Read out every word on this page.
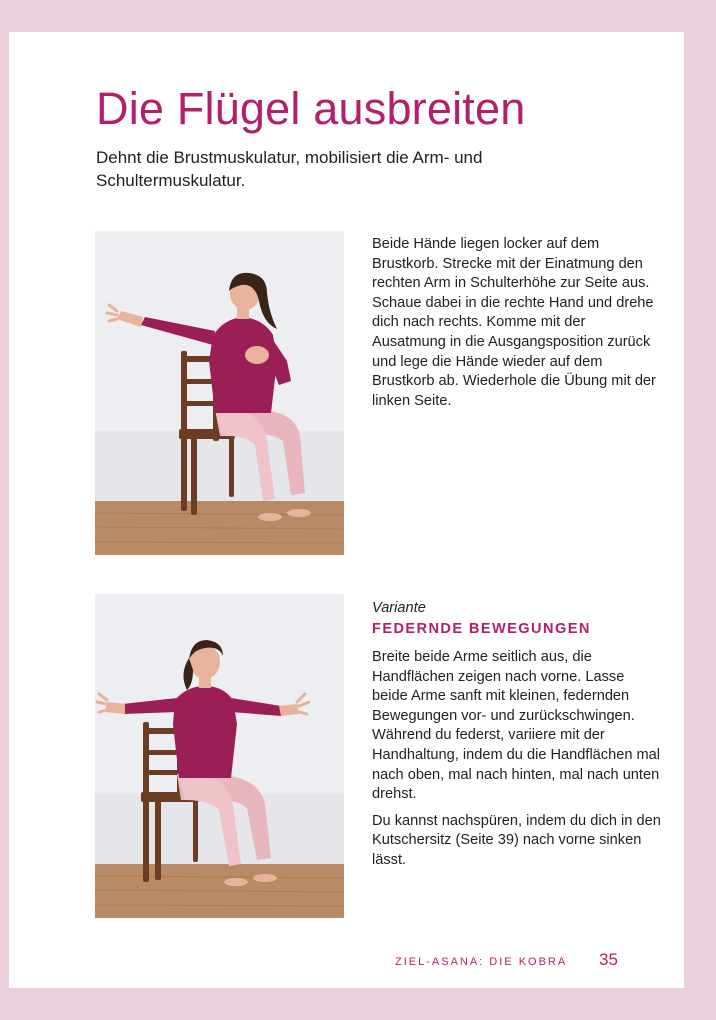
Die Flügel ausbreiten

Dehnt die Brustmuskulatur, mobilisiert die Arm- und Schultermuskulatur.

Beide Hände liegen locker auf dem Brustkorb. Strecke mit der Einatmung den rechten Arm in Schulterhöhe zur Seite aus. Schaue dabei in die rechte Hand und drehe dich nach rechts. Komme mit der Ausatmung in die Ausgangsposition zurück und lege die Hände wieder auf dem Brustkorb ab. Wiederhole die Übung mit der linken Seite.

Variante
FEDERNDE BEWEGUNGEN

Breite beide Arme seitlich aus, die Handflächen zeigen nach vorne. Lasse beide Arme sanft mit kleinen, federnden Bewegungen vor- und zurückschwingen. Während du federst, variiere mit der Handhaltung, indem du die Handflächen mal nach oben, mal nach hinten, mal nach unten drehst.

Du kannst nachspüren, indem du dich in den Kutschersitz (Seite 39) nach vorne sinken lässt.

ZIEL-ASANA: DIE KOBRA 35
